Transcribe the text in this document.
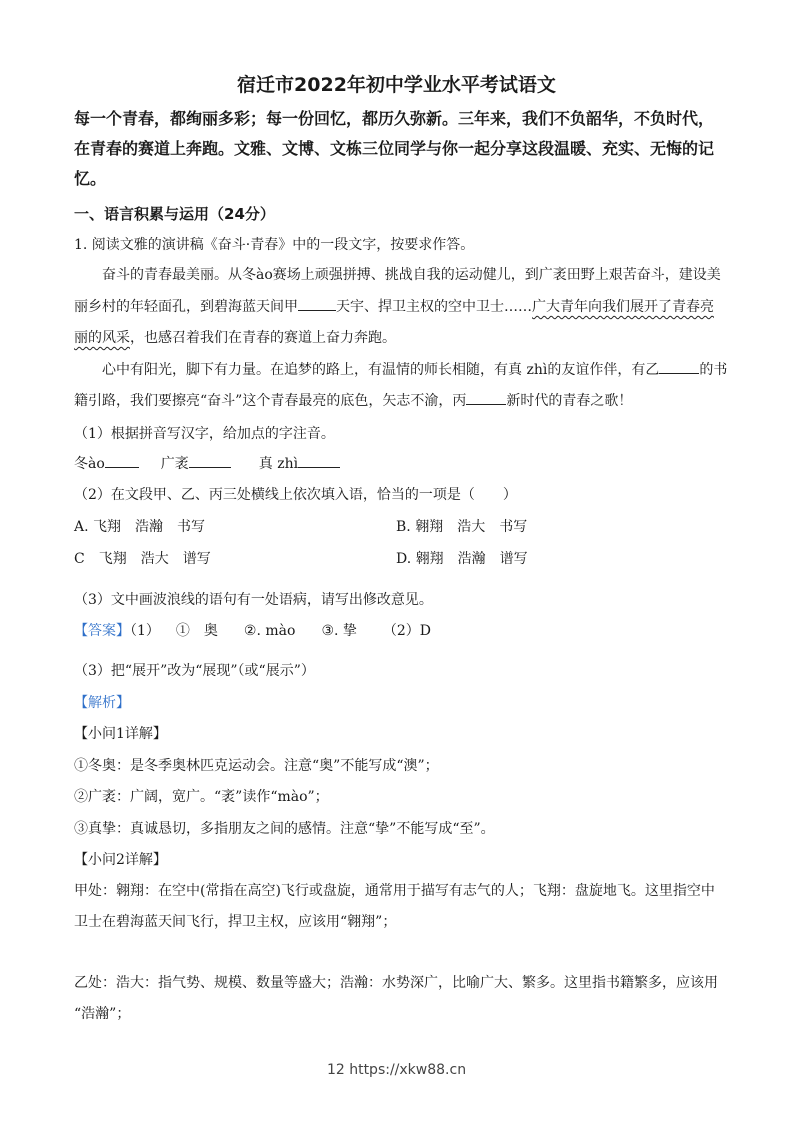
宿迁市2022年初中学业水平考试语文
每一个青春，都绚丽多彩；每一份回忆，都历久弥新。三年来，我们不负韶华，不负时代，在青春的赛道上奔跑。文雅、文博、文栋三位同学与你一起分享这段温暖、充实、无悔的记忆。
一、语言积累与运用（24分）
1. 阅读文雅的演讲稿《奋斗·青春》中的一段文字，按要求作答。
奋斗的青春最美丽。从冬ào赛场上顽强拼搏、挑战自我的运动健儿，到广袤田野上艰苦奋斗，建设美
丽乡村的年轻面孔，到碧海蓝天间甲	天宇、捍卫主权的空中卫士……广大青年向我们展开了青春亮
丽的风采，也感召着我们在青春的赛道上奋力奔跑。
心中有阳光，脚下有力量。在追梦的路上，有温情的师长相随，有真 zhì的友谊作伴，有乙	的书
籍引路，我们要擦亮“奋斗”这个青春最亮的底色，矢志不渝，丙	新时代的青春之歌！
（1）根据拼音写汉字，给加点的字注音。
冬ào	广袤	真 zhì
（2）在文段甲、乙、丙三处横线上依次填入语，恰当的一项是（　　）
A. 飞翔　浩瀚　书写	B. 翱翔　浩大　书写
C　飞翔　浩大　谱写	D. 翱翔　浩瀚　谱写
（3）文中画波浪线的语句有一处语病，请写出修改意见。
【答案】（1） ①　奥 ②. mào ③. 挚 （2）D
（3）把“展开”改为“展现”（或“展示”）
【解析】
【小问1详解】
①冬奥：是冬季奥林匹克运动会。注意“奥”不能写成“澳”；
②广袤：广阔，宽广。“袤”读作“mào”；
③真挚：真诚恳切，多指朋友之间的感情。注意“挚”不能写成“至”。
【小问2详解】
甲处：翱翔：在空中(常指在高空)飞行或盘旋，通常用于描写有志气的人；飞翔：盘旋地飞。这里指空中
卫士在碧海蓝天间飞行，捍卫主权，应该用“翱翔”；
乙处：浩大：指气势、规模、数量等盛大；浩瀚：水势深广，比喻广大、繁多。这里指书籍繁多，应该用
“浩瀚”；
12 https://xkw88.cn
